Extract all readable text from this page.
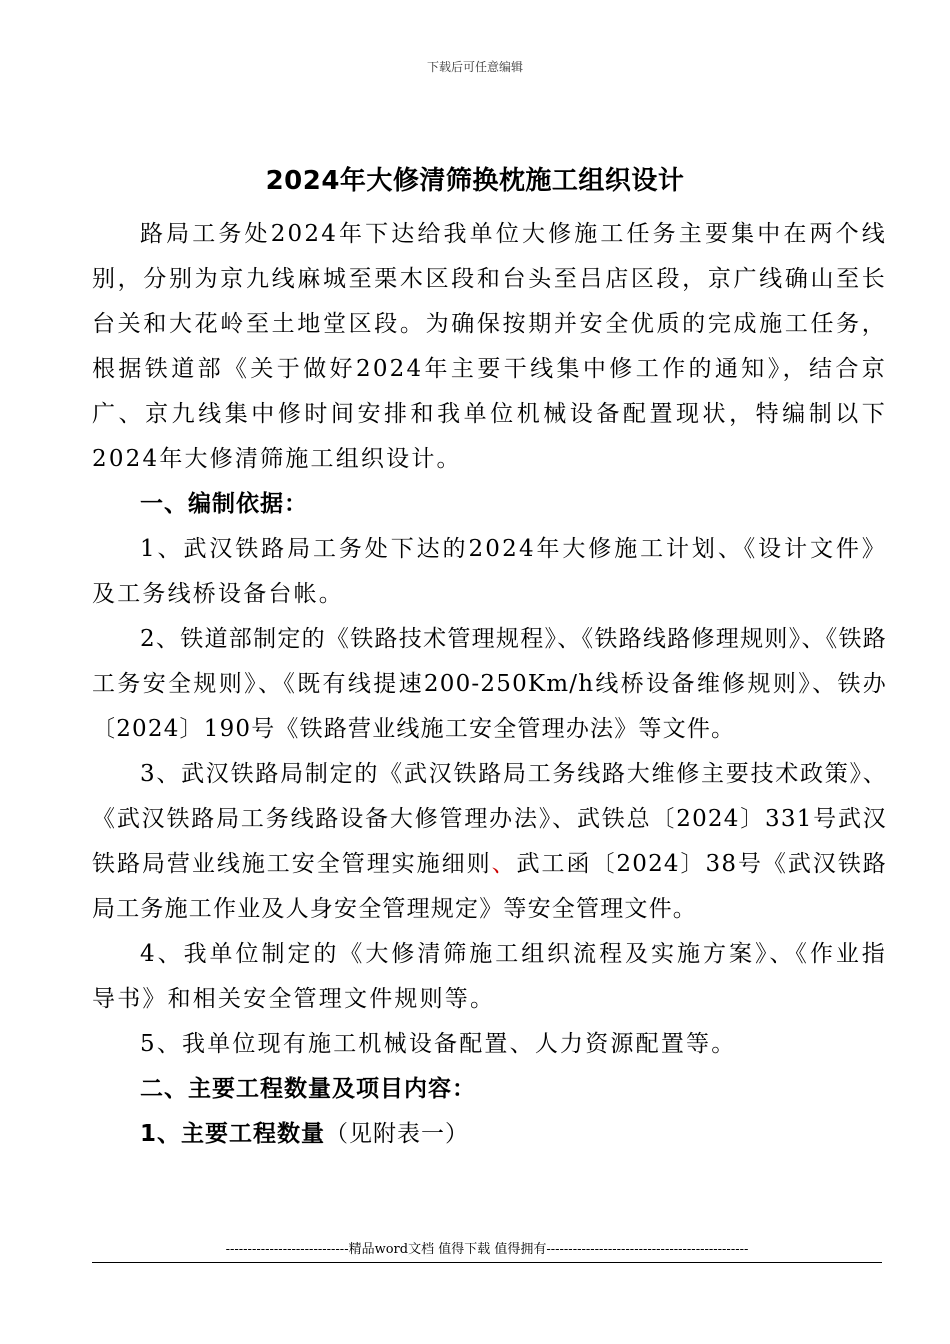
下载后可任意编辑
2024年大修清筛换枕施工组织设计

路局工务处2024年下达给我单位大修施工任务主要集中在两个线别，分别为京九线麻城至栗木区段和台头至吕店区段，京广线确山至长台关和大花岭至土地堂区段。为确保按期并安全优质的完成施工任务，根据铁道部《关于做好2024年主要干线集中修工作的通知》，结合京广、京九线集中修时间安排和我单位机械设备配置现状，特编制以下2024年大修清筛施工组织设计。

一、编制依据：

1、武汉铁路局工务处下达的2024年大修施工计划、《设计文件》及工务线桥设备台帐。

2、铁道部制定的《铁路技术管理规程》、《铁路线路修理规则》、《铁路工务安全规则》、《既有线提速200-250Km/h线桥设备维修规则》、铁办〔2024〕190号《铁路营业线施工安全管理办法》等文件。

3、武汉铁路局制定的《武汉铁路局工务线路大维修主要技术政策》、《武汉铁路局工务线路设备大修管理办法》、武铁总〔2024〕331号武汉铁路局营业线施工安全管理实施细则、武工函〔2024〕38号《武汉铁路局工务施工作业及人身安全管理规定》等安全管理文件。

4、我单位制定的《大修清筛施工组织流程及实施方案》、《作业指导书》和相关安全管理文件规则等。

5、我单位现有施工机械设备配置、人力资源配置等。

二、主要工程数量及项目内容：

1、主要工程数量（见附表一）

----------------------------精品word文档 值得下载 值得拥有----------------------------------------------
